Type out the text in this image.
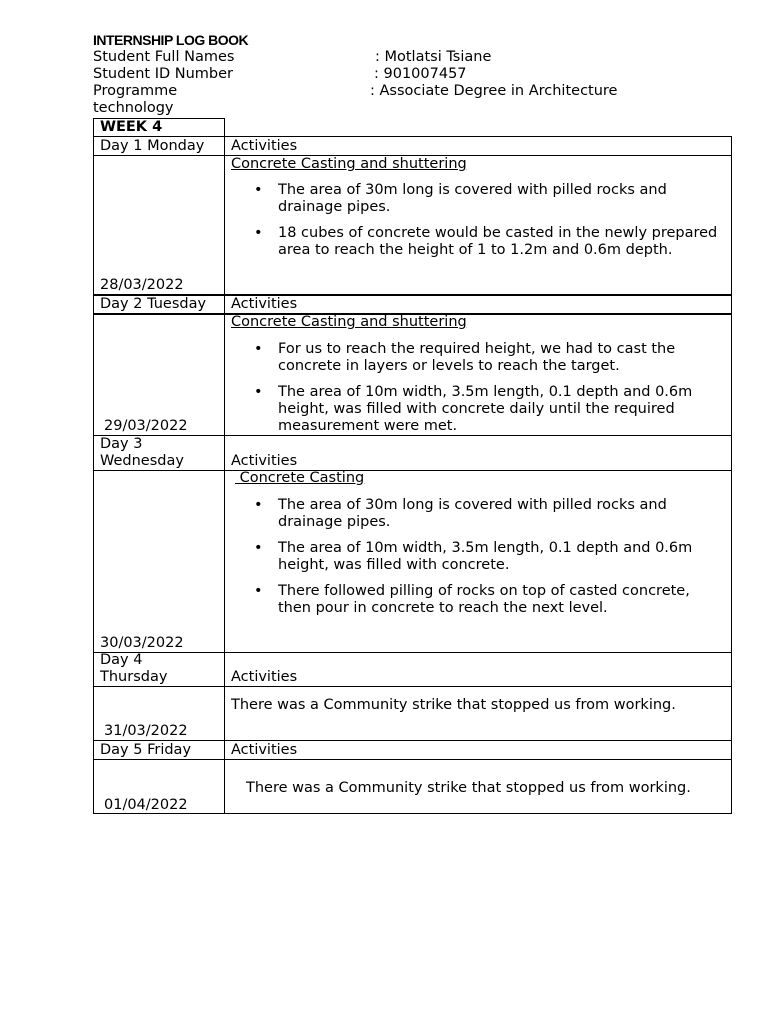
INTERNSHIP LOG BOOK
Student Full Names	: Motlatsi Tsiane
Student ID Number	: 901007457
Programme	: Associate Degree in Architecture
technology
WEEK 4
Day 1 Monday Activities
Concrete Casting and shuttering
• The area of 30m long is covered with pilled rocks and drainage pipes.
• 18 cubes of concrete would be casted in the newly prepared area to reach the height of 1 to 1.2m and 0.6m depth.
28/03/2022
Day 2 Tuesday Activities
Concrete Casting and shuttering
• For us to reach the required height, we had to cast the concrete in layers or levels to reach the target.
• The area of 10m width, 3.5m length, 0.1 depth and 0.6m height, was filled with concrete daily until the required measurement were met.
29/03/2022
Day 3
Wednesday	Activities
Concrete Casting
• The area of 30m long is covered with pilled rocks and drainage pipes.
• The area of 10m width, 3.5m length, 0.1 depth and 0.6m height, was filled with concrete.
• There followed pilling of rocks on top of casted concrete, then pour in concrete to reach the next level.
30/03/2022
Day 4
Thursday	Activities
There was a Community strike that stopped us from working.
31/03/2022
Day 5 Friday	Activities
There was a Community strike that stopped us from working.
01/04/2022
